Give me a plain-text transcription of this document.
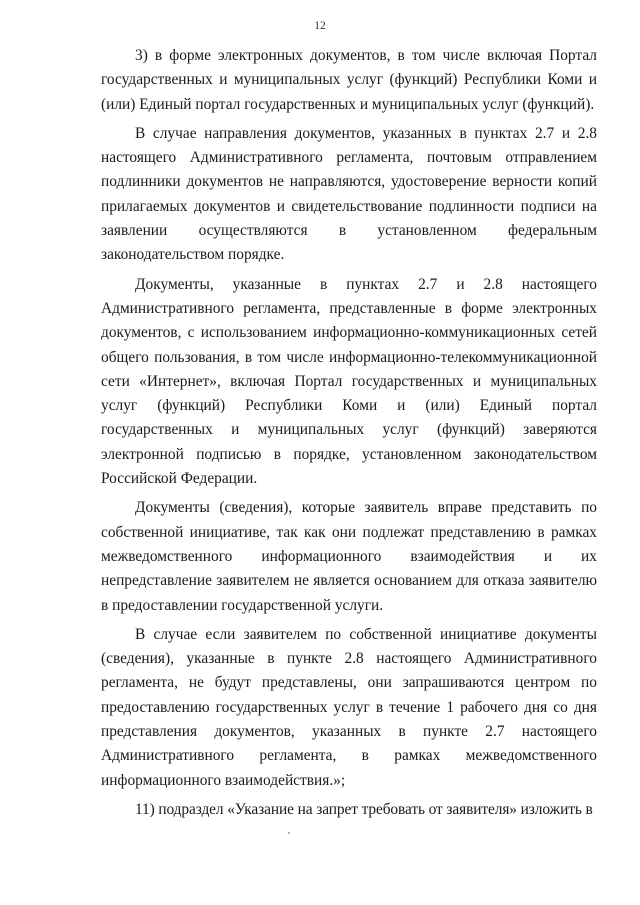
12

3) в форме электронных документов, в том числе включая Портал государственных и муниципальных услуг (функций) Республики Коми и (или) Единый портал государственных и муниципальных услуг (функций).

В случае направления документов, указанных в пунктах 2.7 и 2.8 настоящего Административного регламента, почтовым отправлением подлинники документов не направляются, удостоверение верности копий прилагаемых документов и свидетельствование подлинности подписи на заявлении осуществляются в установленном федеральным законодательством порядке.

Документы, указанные в пунктах 2.7 и 2.8 настоящего Административного регламента, представленные в форме электронных документов, с использованием информационно-коммуникационных сетей общего пользования, в том числе информационно-телекоммуникационной сети «Интернет», включая Портал государственных и муниципальных услуг (функций) Республики Коми и (или) Единый портал государственных и муниципальных услуг (функций) заверяются электронной подписью в порядке, установленном законодательством Российской Федерации.

Документы (сведения), которые заявитель вправе представить по собственной инициативе, так как они подлежат представлению в рамках межведомственного информационного взаимодействия и их непредставление заявителем не является основанием для отказа заявителю в предоставлении государственной услуги.

В случае если заявителем по собственной инициативе документы (сведения), указанные в пункте 2.8 настоящего Административного регламента, не будут представлены, они запрашиваются центром по предоставлению государственных услуг в течение 1 рабочего дня со дня представления документов, указанных в пункте 2.7 настоящего Административного регламента, в рамках межведомственного информационного взаимодействия.»;

11) подраздел «Указание на запрет требовать от заявителя» изложить в
